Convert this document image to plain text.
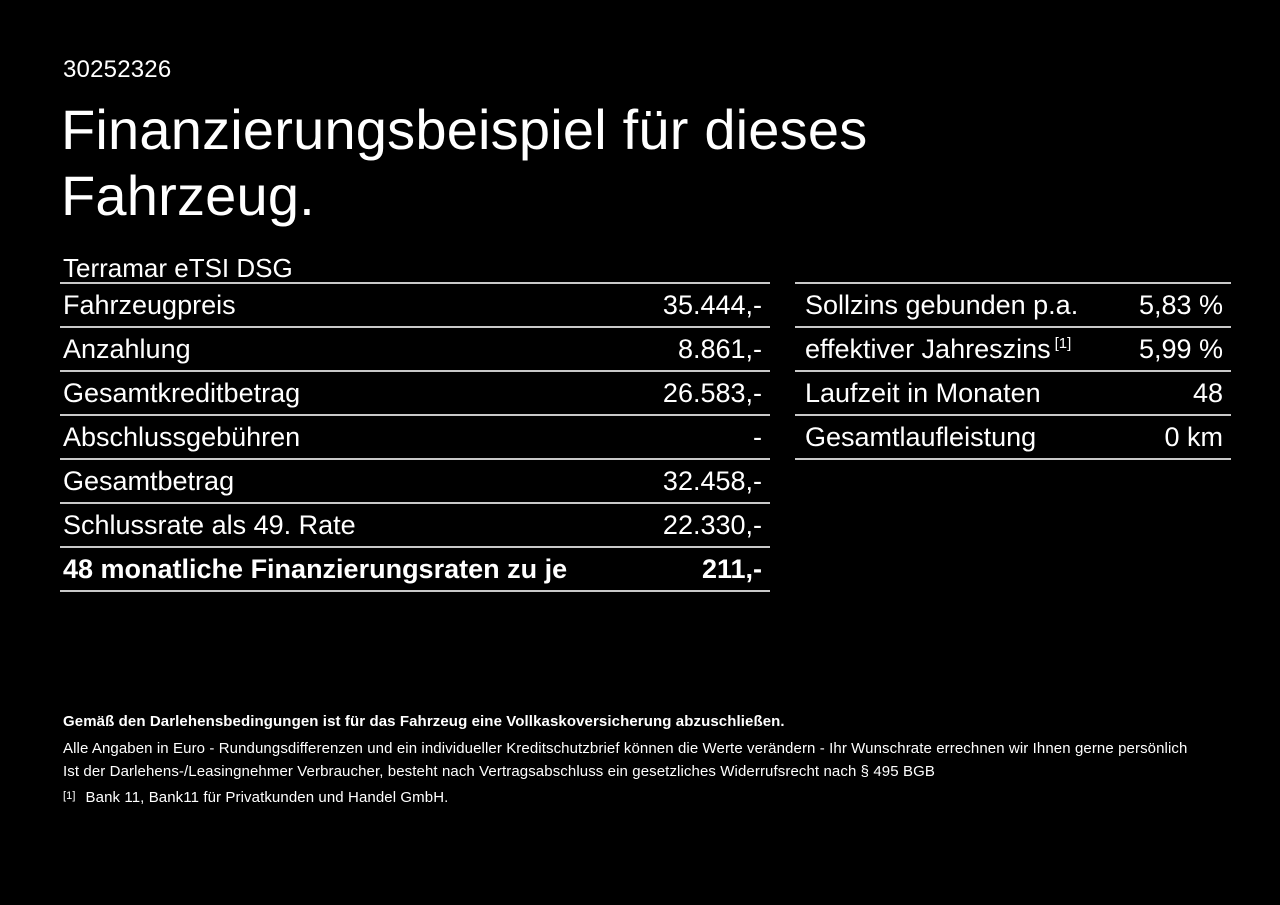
30252326
Finanzierungsbeispiel für dieses Fahrzeug.
Terramar eTSI DSG
Fahrzeugpreis	35.444,-
Anzahlung	8.861,-
Gesamtkreditbetrag	26.583,-
Abschlussgebühren	-
Gesamtbetrag	32.458,-
Schlussrate als 49. Rate	22.330,-
48 monatliche Finanzierungsraten zu je	211,-
Sollzins gebunden p.a. 5,83 %
effektiver Jahreszins [1]	5,99 %
Laufzeit in Monaten	48
Gesamtlaufleistung	0 km

Gemäß den Darlehensbedingungen ist für das Fahrzeug eine Vollkaskoversicherung abzuschließen.

Alle Angaben in Euro - Rundungsdifferenzen und ein individueller Kreditschutzbrief können die Werte verändern - Ihr Wunschrate errechnen wir Ihnen gerne persönlich

Ist der Darlehens-/Leasingnehmer Verbraucher, besteht nach Vertragsabschluss ein gesetzliches Widerrufsrecht nach § 495 BGB

[1] Bank 11, Bank11 für Privatkunden und Handel GmbH.
